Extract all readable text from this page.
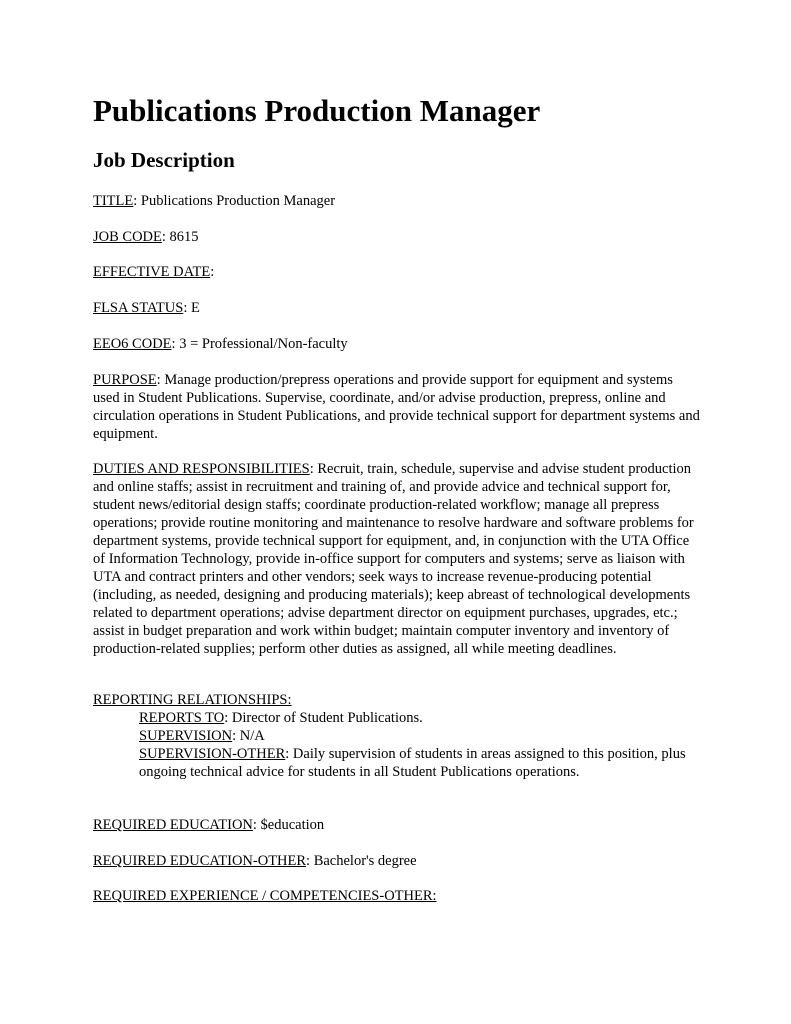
Publications Production Manager
Job Description

TITLE: Publications Production Manager

JOB CODE: 8615

EFFECTIVE DATE:

FLSA STATUS: E

EEO6 CODE: 3 = Professional/Non-faculty

PURPOSE: Manage production/prepress operations and provide support for equipment and systems used in Student Publications. Supervise, coordinate, and/or advise production, prepress, online and circulation operations in Student Publications, and provide technical support for department systems and equipment.

DUTIES AND RESPONSIBILITIES: Recruit, train, schedule, supervise and advise student production and online staffs; assist in recruitment and training of, and provide advice and technical support for, student news/editorial design staffs; coordinate production-related workflow; manage all prepress operations; provide routine monitoring and maintenance to resolve hardware and software problems for department systems, provide technical support for equipment, and, in conjunction with the UTA Office of Information Technology, provide in-office support for computers and systems; serve as liaison with UTA and contract printers and other vendors; seek ways to increase revenue-producing potential (including, as needed, designing and producing materials); keep abreast of technological developments related to department operations; advise department director on equipment purchases, upgrades, etc.; assist in budget preparation and work within budget; maintain computer inventory and inventory of production-related supplies; perform other duties as assigned, all while meeting deadlines.

REPORTING RELATIONSHIPS:
REPORTS TO: Director of Student Publications.
SUPERVISION: N/A
SUPERVISION-OTHER: Daily supervision of students in areas assigned to this position, plus ongoing technical advice for students in all Student Publications operations.

REQUIRED EDUCATION: $education

REQUIRED EDUCATION-OTHER: Bachelor's degree

REQUIRED EXPERIENCE / COMPETENCIES-OTHER:
